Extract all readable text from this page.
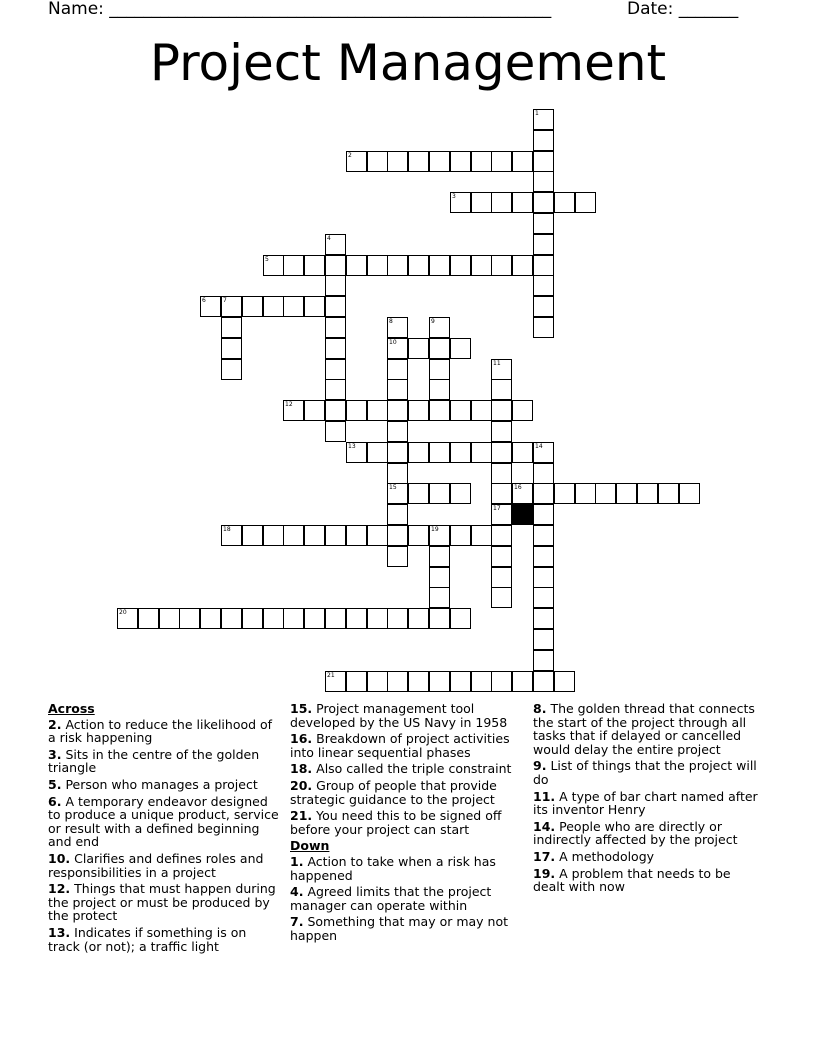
Name: ____________________________________________________	Date: _______
Project Management
1
2
3
4
5
6	7
8
10
15
9
11
17
12
13	14
16
18	19
20
21
Across
2. Action to reduce the likelihood of a risk happening
3. Sits in the centre of the golden triangle
5. Person who manages a project
6. A temporary endeavor designed to produce a unique product, service or result with a defined beginning and end
10. Clarifies and defines roles and responsibilities in a project
12. Things that must happen during the project or must be produced by the protect
13. Indicates if something is on track (or not); a traffic light
15. Project management tool developed by the US Navy in 1958
16. Breakdown of project activities into linear sequential phases
18. Also called the triple constraint
20. Group of people that provide strategic guidance to the project
21. You need this to be signed off before your project can start
Down
1. Action to take when a risk has happened
4. Agreed limits that the project manager can operate within
7. Something that may or may not happen
8. The golden thread that connects the start of the project through all tasks that if delayed or cancelled would delay the entire project
9. List of things that the project will do
11. A type of bar chart named after its inventor Henry
14. People who are directly or indirectly affected by the project
17. A methodology
19. A problem that needs to be dealt with now
